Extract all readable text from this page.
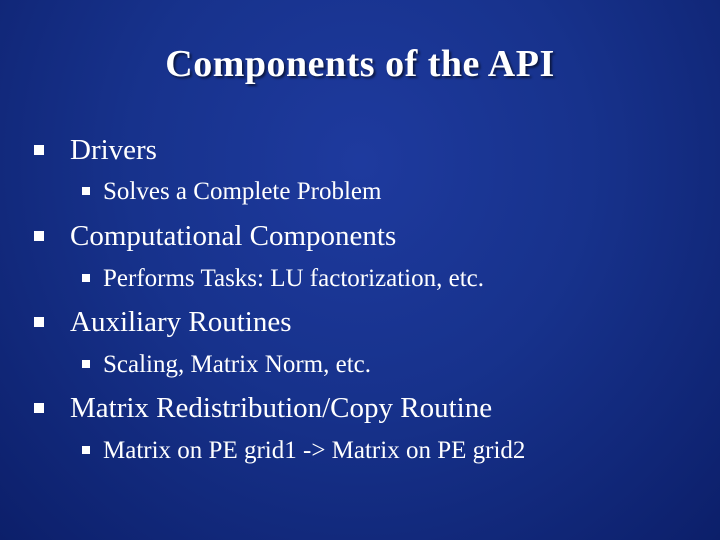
Components of the API
Drivers
Solves a Complete Problem
Computational Components
Performs Tasks: LU factorization, etc.
Auxiliary Routines
Scaling, Matrix Norm, etc.
Matrix Redistribution/Copy Routine
Matrix on PE grid1 -> Matrix on PE grid2
